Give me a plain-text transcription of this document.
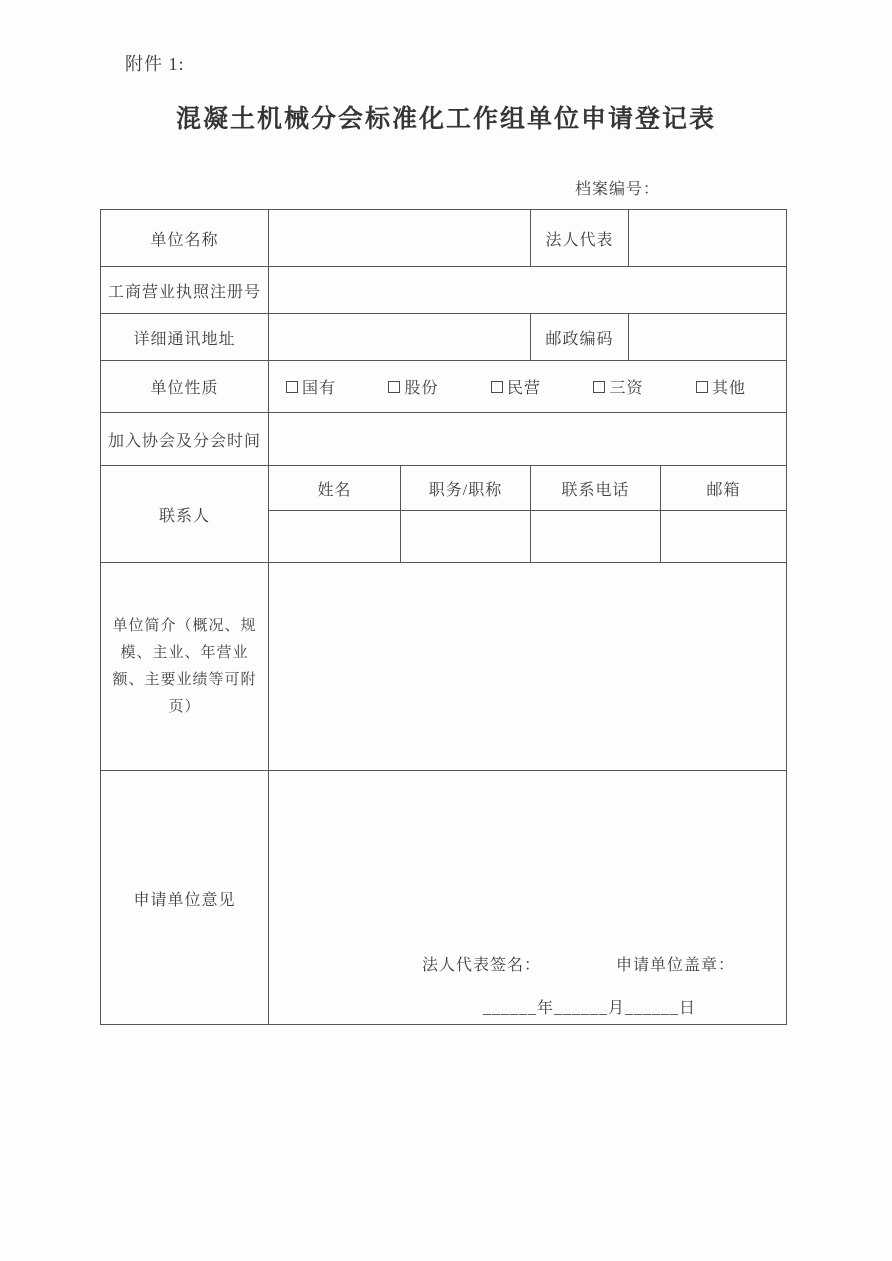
附件 1:
混凝土机械分会标准化工作组单位申请登记表
档案编号：
单位名称	法人代表
工商营业执照注册号
详细通讯地址	邮政编码
单位性质	国有	股份	民营	三资	其他
加入协会及分会时间
联系人
姓名	职务/职称	联系电话	邮箱
单位简介（概况、规模、主业、年营业额、主要业绩等可附页）
申请单位意见
法人代表签名：	申请单位盖章：
______年______月______日
